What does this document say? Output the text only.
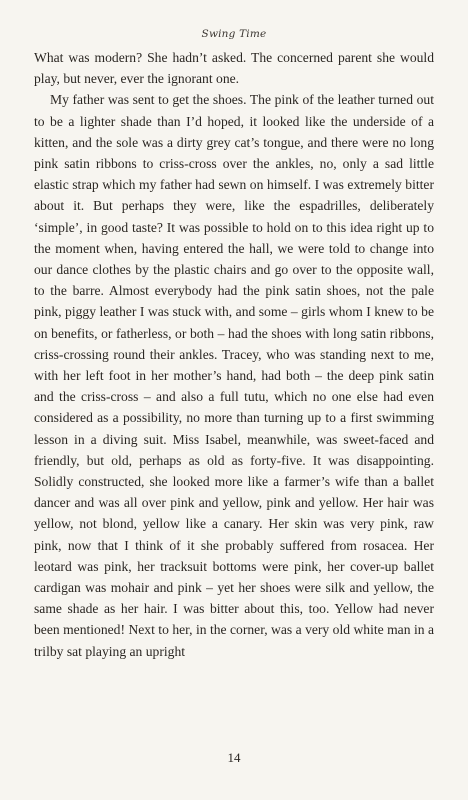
Swing Time

What was modern? She hadn’t asked. The concerned parent she would play, but never, ever the ignorant one.

My father was sent to get the shoes. The pink of the leather turned out to be a lighter shade than I’d hoped, it looked like the underside of a kitten, and the sole was a dirty grey cat’s tongue, and there were no long pink satin ribbons to criss-cross over the ankles, no, only a sad little elastic strap which my father had sewn on himself. I was extremely bitter about it. But perhaps they were, like the espadrilles, deliberately ‘simple’, in good taste? It was possible to hold on to this idea right up to the moment when, having entered the hall, we were told to change into our dance clothes by the plastic chairs and go over to the opposite wall, to the barre. Almost everybody had the pink satin shoes, not the pale pink, piggy leather I was stuck with, and some – girls whom I knew to be on benefits, or fatherless, or both – had the shoes with long satin ribbons, criss-crossing round their ankles. Tracey, who was standing next to me, with her left foot in her mother’s hand, had both – the deep pink satin and the criss-cross – and also a full tutu, which no one else had even considered as a possibility, no more than turning up to a first swimming lesson in a diving suit. Miss Isabel, meanwhile, was sweet-faced and friendly, but old, perhaps as old as forty-five. It was disappointing. Solidly constructed, she looked more like a farmer’s wife than a ballet dancer and was all over pink and yellow, pink and yellow. Her hair was yellow, not blond, yellow like a canary. Her skin was very pink, raw pink, now that I think of it she probably suffered from rosacea. Her leotard was pink, her tracksuit bottoms were pink, her cover-up ballet cardigan was mohair and pink – yet her shoes were silk and yellow, the same shade as her hair. I was bitter about this, too. Yellow had never been mentioned! Next to her, in the corner, was a very old white man in a trilby sat playing an upright

14
